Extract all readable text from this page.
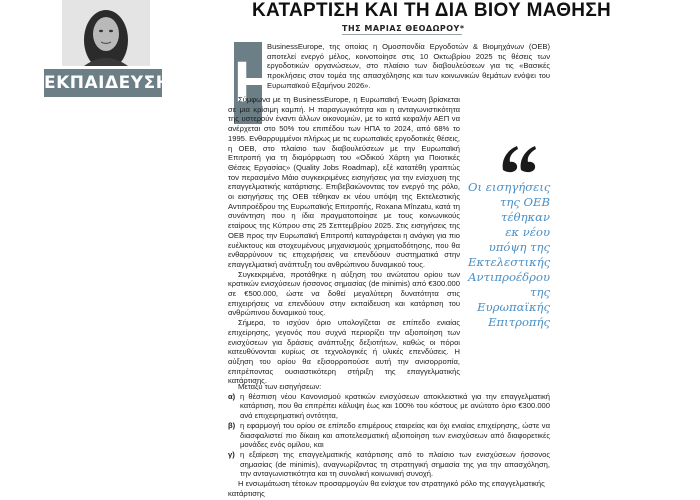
ΕΚΠΑΙΔΕΥΣΗ
ΚΑΤΑΡΤΙΣΗ ΚΑΙ ΤΗ ΔΙΑ ΒΙΟΥ ΜΑΘΗΣΗ
ΤΗΣ ΜΑΡΙΑΣ ΘΕΟΔΩΡΟΥ*
Η

BusinessEurope, της οποίας η Ομοσπονδία Εργοδοτών & Βιομηχάνων (ΟΕΒ) αποτελεί ενεργό μέλος, κοινοποίησε στις 10 Οκτωβρίου 2025 τις θέσεις των εργοδοτικών οργανώσεων, στο πλαίσιο των διαβουλεύσεων για τις «Βασικές προκλήσεις στον τομέα της απασχόλησης και των κοινωνικών θεμάτων ενόψει του Ευρωπαϊκού Εξαμήνου 2026».

Σύμφωνα με τη BusinessEurope, η Ευρωπαϊκή Ένωση βρίσκεται σε μια κρίσιμη καμπή. Η παραγωγικότητα και η ανταγωνιστικότητα της υστερούν έναντι άλλων οικονομιών, με το κατά κεφαλήν ΑΕΠ να ανέρχεται στο 50% του επιπέδου των ΗΠΑ το 2024, από 68% το 1995. Ενθαρρυμμένοι πλήρως με τις ευρωπαϊκές εργοδοτικές θέσεις, η ΟΕΒ, στο πλαίσιο των διαβουλεύσεων με την Ευρωπαϊκή Επιτροπή για τη διαμόρφωση του «Οδικού Χάρτη για Ποιοτικές Θέσεις Εργασίας» (Quality Jobs Roadmap), εξέ κατατέθη γραπτώς τον περασμένο Μάιο συγκεκριμένες εισηγήσεις για την ενίσχυση της επαγγελματικής κατάρτισης. Επιβεβαιώνοντας τον ενεργό της ρόλο, οι εισηγήσεις της ΟΕΒ τέθηκαν εκ νέου υπόψη της Εκτελεστικής Αντιπροέδρου της Ευρωπαϊκής Επιτροπής, Roxana Mînzatu, κατά τη συνάντηση που η ίδια πραγματοποίησε με τους κοινωνικούς εταίρους της Κύπρου στις 25 Σεπτεμβρίου 2025. Στις εισηγήσεις της ΟΕΒ προς την Ευρωπαϊκή Επιτροπή καταγράφεται η ανάγκη για πιο ευέλικτους και στοχευμένους μηχανισμούς χρηματοδότησης, που θα ενθαρρύνουν τις επιχειρήσεις να επενδύουν συστηματικά στην επαγγελματική ανάπτυξη του ανθρώπινου δυναμικού τους.

Συγκεκριμένα, προτάθηκε η αύξηση του ανώτατου ορίου των κρατικών ενισχύσεων ήσσονος σημασίας (de minimis) από €300.000 σε €500.000, ώστε να δοθεί μεγαλύτερη δυνατότητα στις επιχειρήσεις να επενδύουν στην εκπαίδευση και κατάρτιση του ανθρώπινου δυναμικού τους.

Σήμερα, το ισχύον όριο υπολογίζεται σε επίπεδο ενιαίας επιχείρησης, γεγονός που συχνά περιορίζει την αξιοποίηση των ενισχύσεων για δράσεις ανάπτυξης δεξιοτήτων, καθώς οι πόροι κατευθύνονται κυρίως σε τεχνολογικές ή υλικές επενδύσεις. Η αύξηση του ορίου θα εξισορροπούσε αυτή την ανισορροπία, επιτρέποντας ουσιαστικότερη στήριξη της επαγγελματικής κατάρτισης.

Μεταξύ των εισηγήσεων:
α) η θέσπιση νέου Κανονισμού κρατικών ενισχύσεων αποκλειστικά για την επαγγελματική κατάρτιση, που θα επιτρέπει κάλυψη έως και 100% του κόστους με ανώτατο όριο €300.000 ανά επιχειρηματική οντότητα,
β) η εφαρμογή του ορίου σε επίπεδο επιμέρους εταιρείας και όχι ενιαίας επιχείρησης, ώστε να διασφαλιστεί πιο δίκαιη και αποτελεσματική αξιοποίηση των ενισχύσεων από διαφορετικές μονάδες ενός ομίλου, και
γ) η εξαίρεση της επαγγελματικής κατάρτισης από το πλαίσιο των ενισχύσεων ήσσονος σημασίας (de minimis), αναγνωρίζοντας τη στρατηγική σημασία της για την απασχόληση, την ανταγωνιστικότητα και τη συνολική κοινωνική συνοχή.
Η ενσωμάτωση τέτοιων προσαρμογών θα ενίσχυε τον στρατηγικό ρόλο της επαγγελματικής κατάρτισης
Οι εισηγήσεις
της ΟΕΒ
τέθηκαν
εκ νέου
υπόψη της
Εκτελεστικής
Αντιπροέδρου
της
Ευρωπαϊκής
Επιτροπής
